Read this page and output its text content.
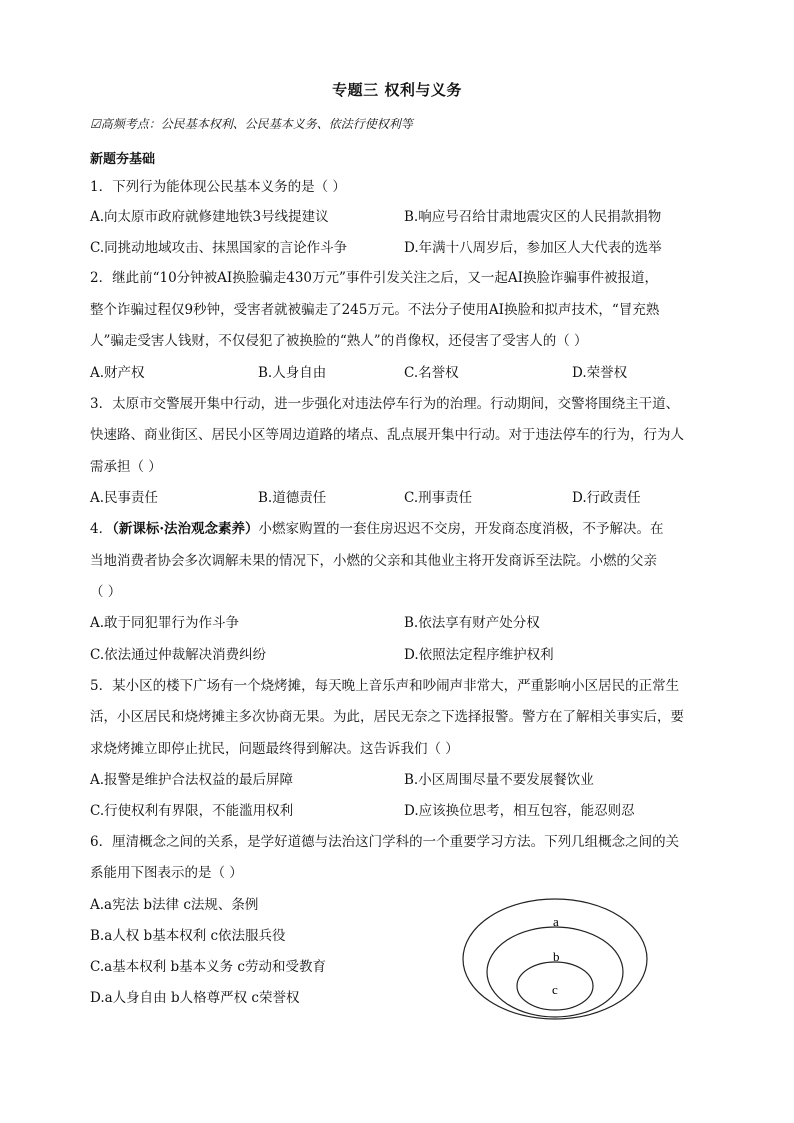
专题三 权利与义务
☑高频考点：公民基本权利、公民基本义务、依法行使权利等
新题夯基础
1．下列行为能体现公民基本义务的是（ ）
A.向太原市政府就修建地铁3号线提建议	B.响应号召给甘肃地震灾区的人民捐款捐物
C.同挑动地域攻击、抹黑国家的言论作斗争	D.年满十八周岁后，参加区人大代表的选举
2．继此前“10分钟被AI换脸骗走430万元”事件引发关注之后，又一起AI换脸诈骗事件被报道，
整个诈骗过程仅9秒钟，受害者就被骗走了245万元。不法分子使用AI换脸和拟声技术，“冒充熟
人”骗走受害人钱财，不仅侵犯了被换脸的“熟人”的肖像权，还侵害了受害人的（ ）
A.财产权	B.人身自由	C.名誉权	D.荣誉权
3．太原市交警展开集中行动，进一步强化对违法停车行为的治理。行动期间，交警将围绕主干道、
快速路、商业街区、居民小区等周边道路的堵点、乱点展开集中行动。对于违法停车的行为，行为人
需承担（ ）
A.民事责任	B.道德责任	C.刑事责任	D.行政责任
4．（新课标·法治观念素养）小燃家购置的一套住房迟迟不交房，开发商态度消极，不予解决。在
当地消费者协会多次调解未果的情况下，小燃的父亲和其他业主将开发商诉至法院。小燃的父亲
（ ）
A.敢于同犯罪行为作斗争	B.依法享有财产处分权
C.依法通过仲裁解决消费纠纷	D.依照法定程序维护权利
5．某小区的楼下广场有一个烧烤摊，每天晚上音乐声和吵闹声非常大，严重影响小区居民的正常生
活，小区居民和烧烤摊主多次协商无果。为此，居民无奈之下选择报警。警方在了解相关事实后，要
求烧烤摊立即停止扰民，问题最终得到解决。这告诉我们（ ）
A.报警是维护合法权益的最后屏障	B.小区周围尽量不要发展餐饮业
C.行使权利有界限，不能滥用权利	D.应该换位思考，相互包容，能忍则忍
6．厘清概念之间的关系，是学好道德与法治这门学科的一个重要学习方法。下列几组概念之间的关
系能用下图表示的是（ ）
A.a宪法 b法律 c法规、条例
B.a人权 b基本权利 c依法服兵役
C.a基本权利 b基本义务 c劳动和受教育
D.a人身自由 b人格尊严权 c荣誉权
a
b
c
